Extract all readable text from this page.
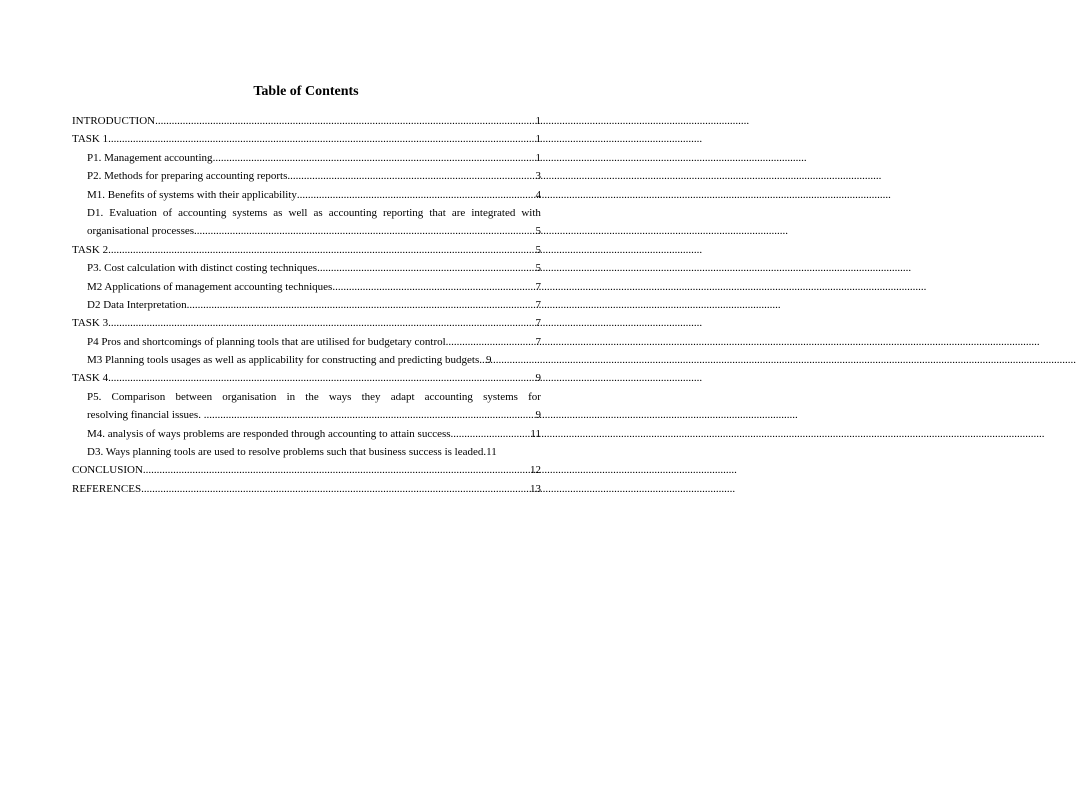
Table of Contents
INTRODUCTION .....	1
TASK 1 .....	1
P1. Management accounting .....	1
P2. Methods for preparing accounting reports .....	3
M1. Benefits of systems with their applicability .....	4
D1. Evaluation of accounting systems as well as accounting reporting that are integrated with
organisational processes .....	5
TASK 2 .....	5
P3. Cost calculation with distinct costing techniques .....	5
M2 Applications of management accounting techniques .....	7
D2 Data Interpretation .....	7
TASK 3 .....	7
P4 Pros and shortcomings of planning tools that are utilised for budgetary control .....	7
M3 Planning tools usages as well as applicability for constructing and predicting budgets. ..... 9
TASK 4 .....	9
P5. Comparison between organisation in the ways they adapt accounting systems for
resolving financial issues. .....	9
M4. analysis of ways problems are responded through accounting to attain success .....	11
D3. Ways planning tools are used to resolve problems such that business success is leaded. 11
CONCLUSION .....	12
REFERENCES .....	13
